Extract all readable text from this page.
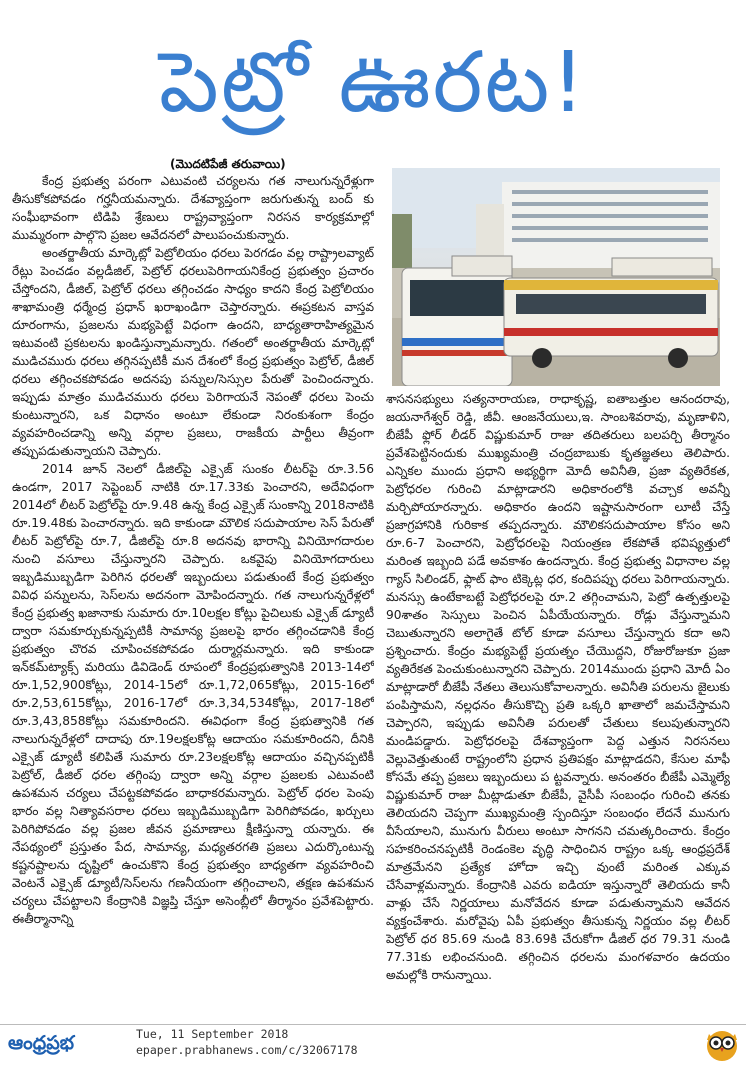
పెట్రో ఊరట!
(మొదటిపేజీ తరువాయి)

కేంద్ర ప్రభుత్వ పరంగా ఎటువంటి చర్యలను గత నాలుగున్నరేళ్లుగా తీసుకోకపోవడం గర్హనీయమన్నారు. దేశవ్యాప్తంగా జరుగుతున్న బంద్ కు సంఘీభావంగా టిడిపి శ్రేణులు రాష్ట్రవ్యాప్తంగా నిరసన కార్యక్రమాల్లో ముమ్మరంగా పాల్గొని ప్రజల ఆవేదనలో పాలుపంచుకున్నారు.

అంతర్జాతీయ మార్కెట్లో పెట్రోలియం ధరలు పెరగడం వల్ల రాష్ట్రాలవ్యాట్ రేట్లు పెంచడం వల్లడీజిల్, పెట్రోల్ ధరలుపెరిగాయనికేంద్ర ప్రభుత్వం ప్రచారం చేస్తోందని, డీజిల్, పెట్రోల్ ధరలు తగ్గించడం సాధ్యం కాదని కేంద్ర పెట్రోలియం శాఖామంత్రి ధర్మేంద్ర ప్రధాన్ ఖరాఖండిగా చెప్తారన్నారు. ఈప్రకటన వాస్తవ దూరంగాను, ప్రజలను మభ్యపెట్టే విధంగా ఉందని, బాధ్యతారాహిత్యమైన ఇటువంటి ప్రకటలను ఖండిస్తున్నామన్నారు. గతంలో అంతర్జాతీయ మార్కెట్లో ముడిచమురు ధరలు తగ్గినప్పటికీ మన దేశంలో కేంద్ర ప్రభుత్వం పెట్రోల్, డీజిల్ ధరలు తగ్గించకపోవడం అదనపు పన్నుల/సెస్సుల పేరుతో పెంచిందన్నారు. ఇప్పుడు మాత్రం ముడిచమురు ధరలు పెరిగాయనే నెపంతో ధరలు పెంచు కుంటున్నారని, ఒక విధానం అంటూ లేకుండా నిరంకుశంగా కేంద్రం వ్యవహరించడాన్ని అన్ని వర్గాల ప్రజలు, రాజకీయ పార్టీలు తీవ్రంగా తప్పుపడుతున్నాయని చెప్పారు.

2014 జూన్ నెలలో డీజిల్‌పై ఎక్సైజ్ సుంకం లీటర్‌పై రూ.3.56 ఉండగా, 2017 సెప్టెంబర్ నాటికి రూ.17.33కు పెంచారని, అదేవిధంగా 2014లో లీటర్ పెట్రోల్‌పై రూ.9.48 ఉన్న కేంద్ర ఎక్సైజ్ సుంకాన్ని 2018నాటికి రూ.19.48కు పెంచారన్నారు. ఇది కాకుండా మౌలిక సదుపాయాల సెస్ పేరుతో లీటర్ పెట్రోల్‌పై రూ.7, డీజిల్‌పై రూ.8 అదనవు భారాన్ని వినియోగదారుల నుంచి వసూలు చేస్తున్నారని చెప్పారు. ఒకవైపు వినియోగదారులు ఇబ్బడిముబ్బడిగా పెరిగిన ధరలతో ఇబ్బందులు పడుతుంటే కేంద్ర ప్రభుత్వం వివిధ పన్నులను, సెస్‌లను అదనంగా మోపిందన్నారు. గత నాలుగున్నరేళ్లలో కేంద్ర ప్రభుత్వ ఖజానాకు సుమారు రూ.10లక్షల కోట్లు పైచిలుకు ఎక్సైజ్ డ్యూటీ ద్వారా సమకూర్చుకున్నప్పటికీ సామాన్య ప్రజలపై భారం తగ్గించడానికి కేంద్ర ప్రభుత్వం చొరవ చూపించకపోవడం దుర్మార్గమన్నారు. ఇది కాకుండా ఇన్‌కమ్‌ట్యాక్స్ మరియు డివిడెండ్ రూపంలో కేంద్రప్రభుత్వానికి 2013-14లో రూ.1,52,900కోట్లు, 2014-15లో రూ.1,72,065కోట్లు, 2015-16లో రూ.2,53,615కోట్లు, 2016-17లో రూ.3,34,534కోట్లు, 2017-18లో రూ.3,43,858కోట్లు సమకూరిందని. ఈవిధంగా కేంద్ర ప్రభుత్వానికి గత నాలుగున్నరేళ్లలో దాదాపు రూ.19లక్షలకోట్ల ఆదాయం సమకూరిందని, దీనికి ఎక్సైజ్ డ్యూటీ కలిపితే సుమారు రూ.23లక్షలకోట్ల ఆదాయం వచ్చినప్పటికీ పెట్రోల్, డీజిల్ ధరల తగ్గింపు ద్వారా అన్ని వర్గాల ప్రజలకు ఎటువంటి ఉపశమన చర్యలు చేపట్టకపోవడం బాధాకరమన్నారు. పెట్రోల్ ధరల పెంపు భారం వల్ల నిత్యావసరాల ధరలు ఇబ్బడిముబ్బడిగా పెరిగిపోవడం, ఖర్చులు పెరిగిపోవడం వల్ల ప్రజల జీవన ప్రమాణాలు క్షీణిస్తున్నా యన్నారు. ఈ నేపథ్యంలో ప్రస్తుతం పేద, సామాన్య, మధ్యతరగతి ప్రజలు ఎదుర్కొంటున్న కష్టనష్టాలను దృష్టిలో ఉంచుకొని కేంద్ర ప్రభుత్వం బాధ్యతగా వ్యవహరించి వెంటనే ఎక్సైజ్ డ్యూటీ/సెస్‌లను గణనీయంగా తగ్గించాలని, తక్షణ ఉపశమన చర్యలు చేపట్టాలని కేంద్రానికి విజ్ఞప్తి చేస్తూ అసెంబ్లీలో తీర్మానం ప్రవేశపెట్టారు. ఈతీర్మానాన్ని

శాసనసభ్యులు సత్యనారాయణ, రాధాకృష్ణ, ఐతాబత్తుల ఆనందరావు, జయనాగేశ్వర్ రెడ్డి, జీవీ. ఆంజనేయులు,ఇ. సాంబశివరావు, మృణాళిని, బీజేపీ ఫ్లోర్ లీడర్ విష్ణుకుమార్ రాజు తదితరులు బలపర్చి తీర్మానం ప్రవేశపెట్టినందుకు ముఖ్యమంత్రి చంద్రబాబుకు కృతజ్ఞతలు తెలిపారు. ఎన్నికల ముందు ప్రధాని అభ్యర్థిగా మోదీ అవినీతి, ప్రజా వ్యతిరేకత, పెట్రోధరల గురించి మాట్లాడారని అధికారంలోకి వచ్చాక అవన్నీ మర్చిపోయారన్నారు. అధికారం ఉందని ఇష్టానుసారంగా లూటీ చేస్తే ప్రజాగ్రహానికి గురికాక తప్పదన్నారు. మౌలికసదుపాయాల కోసం అని రూ.6-7 పెంచారని, పెట్రోధరలపై నియంత్రణ లేకపోతే భవిష్యత్తులో మరింత ఇబ్బంది పడే అవకాశం ఉందన్నారు. కేంద్ర ప్రభుత్వ విధానాల వల్ల గ్యాస్ సిలిండర్, ఫ్లాట్ ఫాం టిక్కెట్ల ధర, కందిపప్పు ధరలు పెరిగాయన్నారు. మనస్సు ఉంటేకాబట్టే పెట్రోధరలపై రూ.2 తగ్గించామని, పెట్రో ఉత్పత్తులపై 90శాతం సెస్సులు పెంచిన ఏపీయేయన్నారు. రోడ్లు వేస్తున్నామని చెబుతున్నారని అలాగైతే టోల్ కూడా వసూలు చేస్తున్నారు కదా అని ప్రశ్నించారు. కేంద్రం మభ్యపెట్టే ప్రయత్నం చేయొద్దని, రోజురోజుకూ ప్రజా వ్యతిరేకత పెంచుకుంటున్నారని చెప్పారు. 2014ముందు ప్రధాని మోదీ ఏం మాట్లాడారో బీజేపీ నేతలు తెలుసుకోవాలన్నారు. అవినీతి పరులను జైలుకు పంపిస్తామని, నల్లధనం తీసుకొచ్చి ప్రతి ఒక్కరి ఖాతాలో జమచేస్తామని చెప్పారని, ఇప్పుడు అవినీతి పరులతో చేతులు కలుపుతున్నారని మండిపడ్డారు. పెట్రోధరలపై దేశవ్యాప్తంగా పెద్ద ఎత్తున నిరసనలు వెల్లువెత్తుతుంటే రాష్ట్రంలోని ప్రధాన ప్రతిపక్షం మాట్లాడదని, కేసుల మాఫీ కోసమే తప్ప ప్రజలు ఇబ్బందులు ప ట్టవన్నారు. అనంతరం బీజేపీ ఎమ్మెల్యే విష్ణుకుమార్ రాజు మీట్లాడుతూ బీజేపీ, వైసీపీ సంబంధం గురించి తనకు తెలియదని చెప్పగా ముఖ్యమంత్రి స్పందిస్తూ సంబంధం లేదనే మునుగు వీసేయాలని, మునుగు వీరులు అంటూ సాగనని చమత్కరించారు. కేంద్రం సహకరించనప్పటికీ రెండంకెల వృద్ధి సాధించిన రాష్ట్రం ఒక్క ఆంధ్రప్రదేశ్ మాత్రమేనని ప్రత్యేక హోదా ఇచ్చి వుంటే మరింత ఎక్కువ చేసేవాళ్లమన్నారు. కేంద్రానికి ఎవరు ఐడియా ఇస్తున్నారో తెలియదు కానీ వాళ్లు చేసే నిర్ణయాలు మనోవేదన కూడా పడుతున్నామని ఆవేదన వ్యక్తంచేశారు. మరోవైపు ఏపీ ప్రభుత్వం తీసుకున్న నిర్ణయం వల్ల లీటర్ పెట్రోల్ ధర 85.69 నుండి 83.69కి చేరుకోగా డీజిల్ ధర 79.31 నుండి 77.31కు లభించనుంది. తగ్గించిన ధరలను మంగళవారం ఉదయం అమల్లోకి రానున్నాయి.

ఆంధ్రప్రభ	Tue, 11 September 2018
epaper.prabhanews.com/c/32067178
